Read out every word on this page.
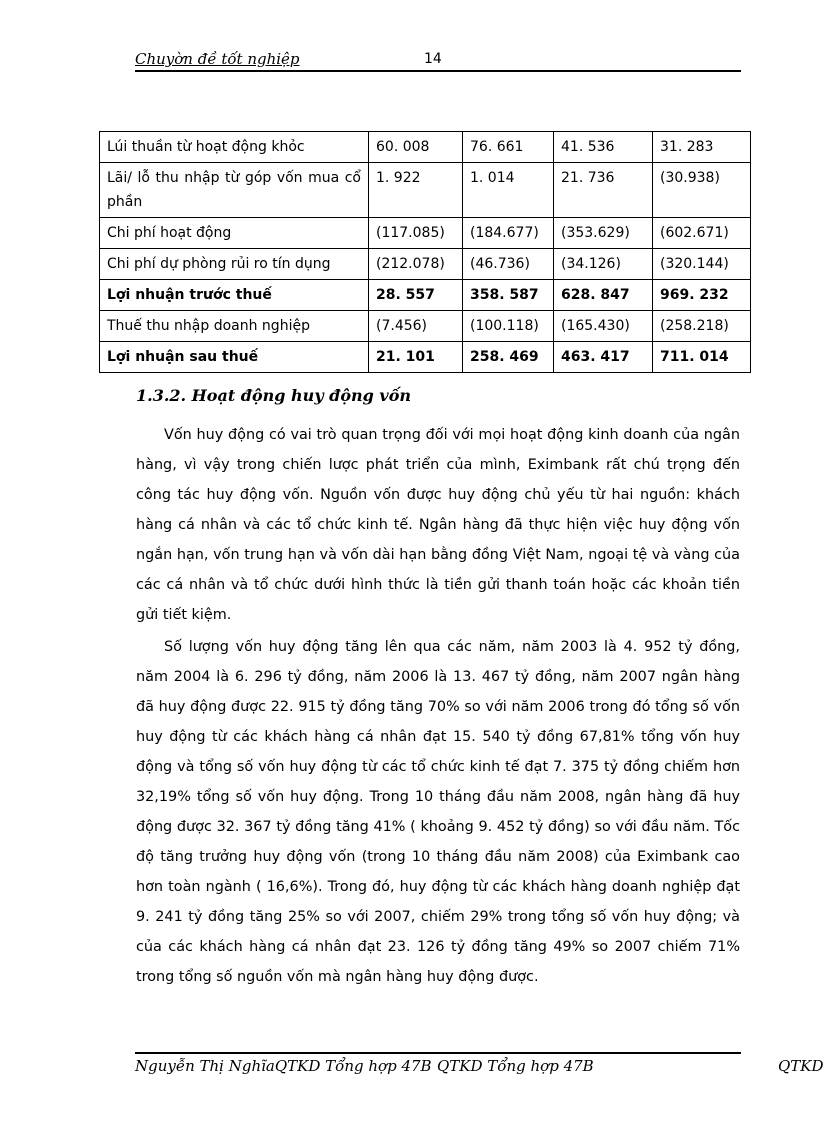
Chuyờn đề tốt nghiệp	14
Lúi thuần từ hoạt động khỏc	60. 008	76. 661	41. 536	31. 283
Lãi/ lỗ thu nhập từ góp vốn mua cổ phần	1. 922	1. 014	21. 736	(30.938)
Chi phí hoạt động	(117.085)	(184.677)	(353.629)	(602.671)
Chi phí dự phòng rủi ro tín dụng	(212.078)	(46.736)	(34.126)	(320.144)
Lợi nhuận trước thuế	28. 557	358. 587	628. 847	969. 232
Thuế thu nhập doanh nghiệp	(7.456)	(100.118)	(165.430)	(258.218)
Lợi nhuận sau thuế	21. 101	258. 469	463. 417	711. 014
1.3.2. Hoạt động huy động vốn

Vốn huy động có vai trò quan trọng đối với mọi hoạt động kinh doanh của ngân hàng, vì vậy trong chiến lược phát triển của mình, Eximbank rất chú trọng đến công tác huy động vốn. Nguồn vốn được huy động chủ yếu từ hai nguồn: khách hàng cá nhân và các tổ chức kinh tế. Ngân hàng đã thực hiện việc huy động vốn ngắn hạn, vốn trung hạn và vốn dài hạn bằng đồng Việt Nam, ngoại tệ và vàng của các cá nhân và tổ chức dưới hình thức là tiền gửi thanh toán hoặc các khoản tiền gửi tiết kiệm.

Số lượng vốn huy động tăng lên qua các năm, năm 2003 là 4. 952 tỷ đồng, năm 2004 là 6. 296 tỷ đồng, năm 2006 là 13. 467 tỷ đồng, năm 2007 ngân hàng đã huy động được 22. 915 tỷ đồng tăng 70% so với năm 2006 trong đó tổng số vốn huy động từ các khách hàng cá nhân đạt 15. 540 tỷ đồng 67,81% tổng vốn huy động và tổng số vốn huy động từ các tổ chức kinh tế đạt 7. 375 tỷ đồng chiếm hơn 32,19% tổng số vốn huy động. Trong 10 tháng đầu năm 2008, ngân hàng đã huy động được 32. 367 tỷ đồng tăng 41% ( khoảng 9. 452 tỷ đồng) so với đầu năm. Tốc độ tăng trưởng huy động vốn (trong 10 tháng đầu năm 2008) của Eximbank cao hơn toàn ngành ( 16,6%). Trong đó, huy động từ các khách hàng doanh nghiệp đạt 9. 241 tỷ đồng tăng 25% so với 2007, chiếm 29% trong tổng số vốn huy động; và của các khách hàng cá nhân đạt 23. 126 tỷ đồng tăng 49% so 2007 chiếm 71% trong tổng số nguồn vốn mà ngân hàng huy động được.

Nguyễn Thị NghĩaQTKD Tổng hợp 47B QTKD Tổng hợp 47B	QTKD
